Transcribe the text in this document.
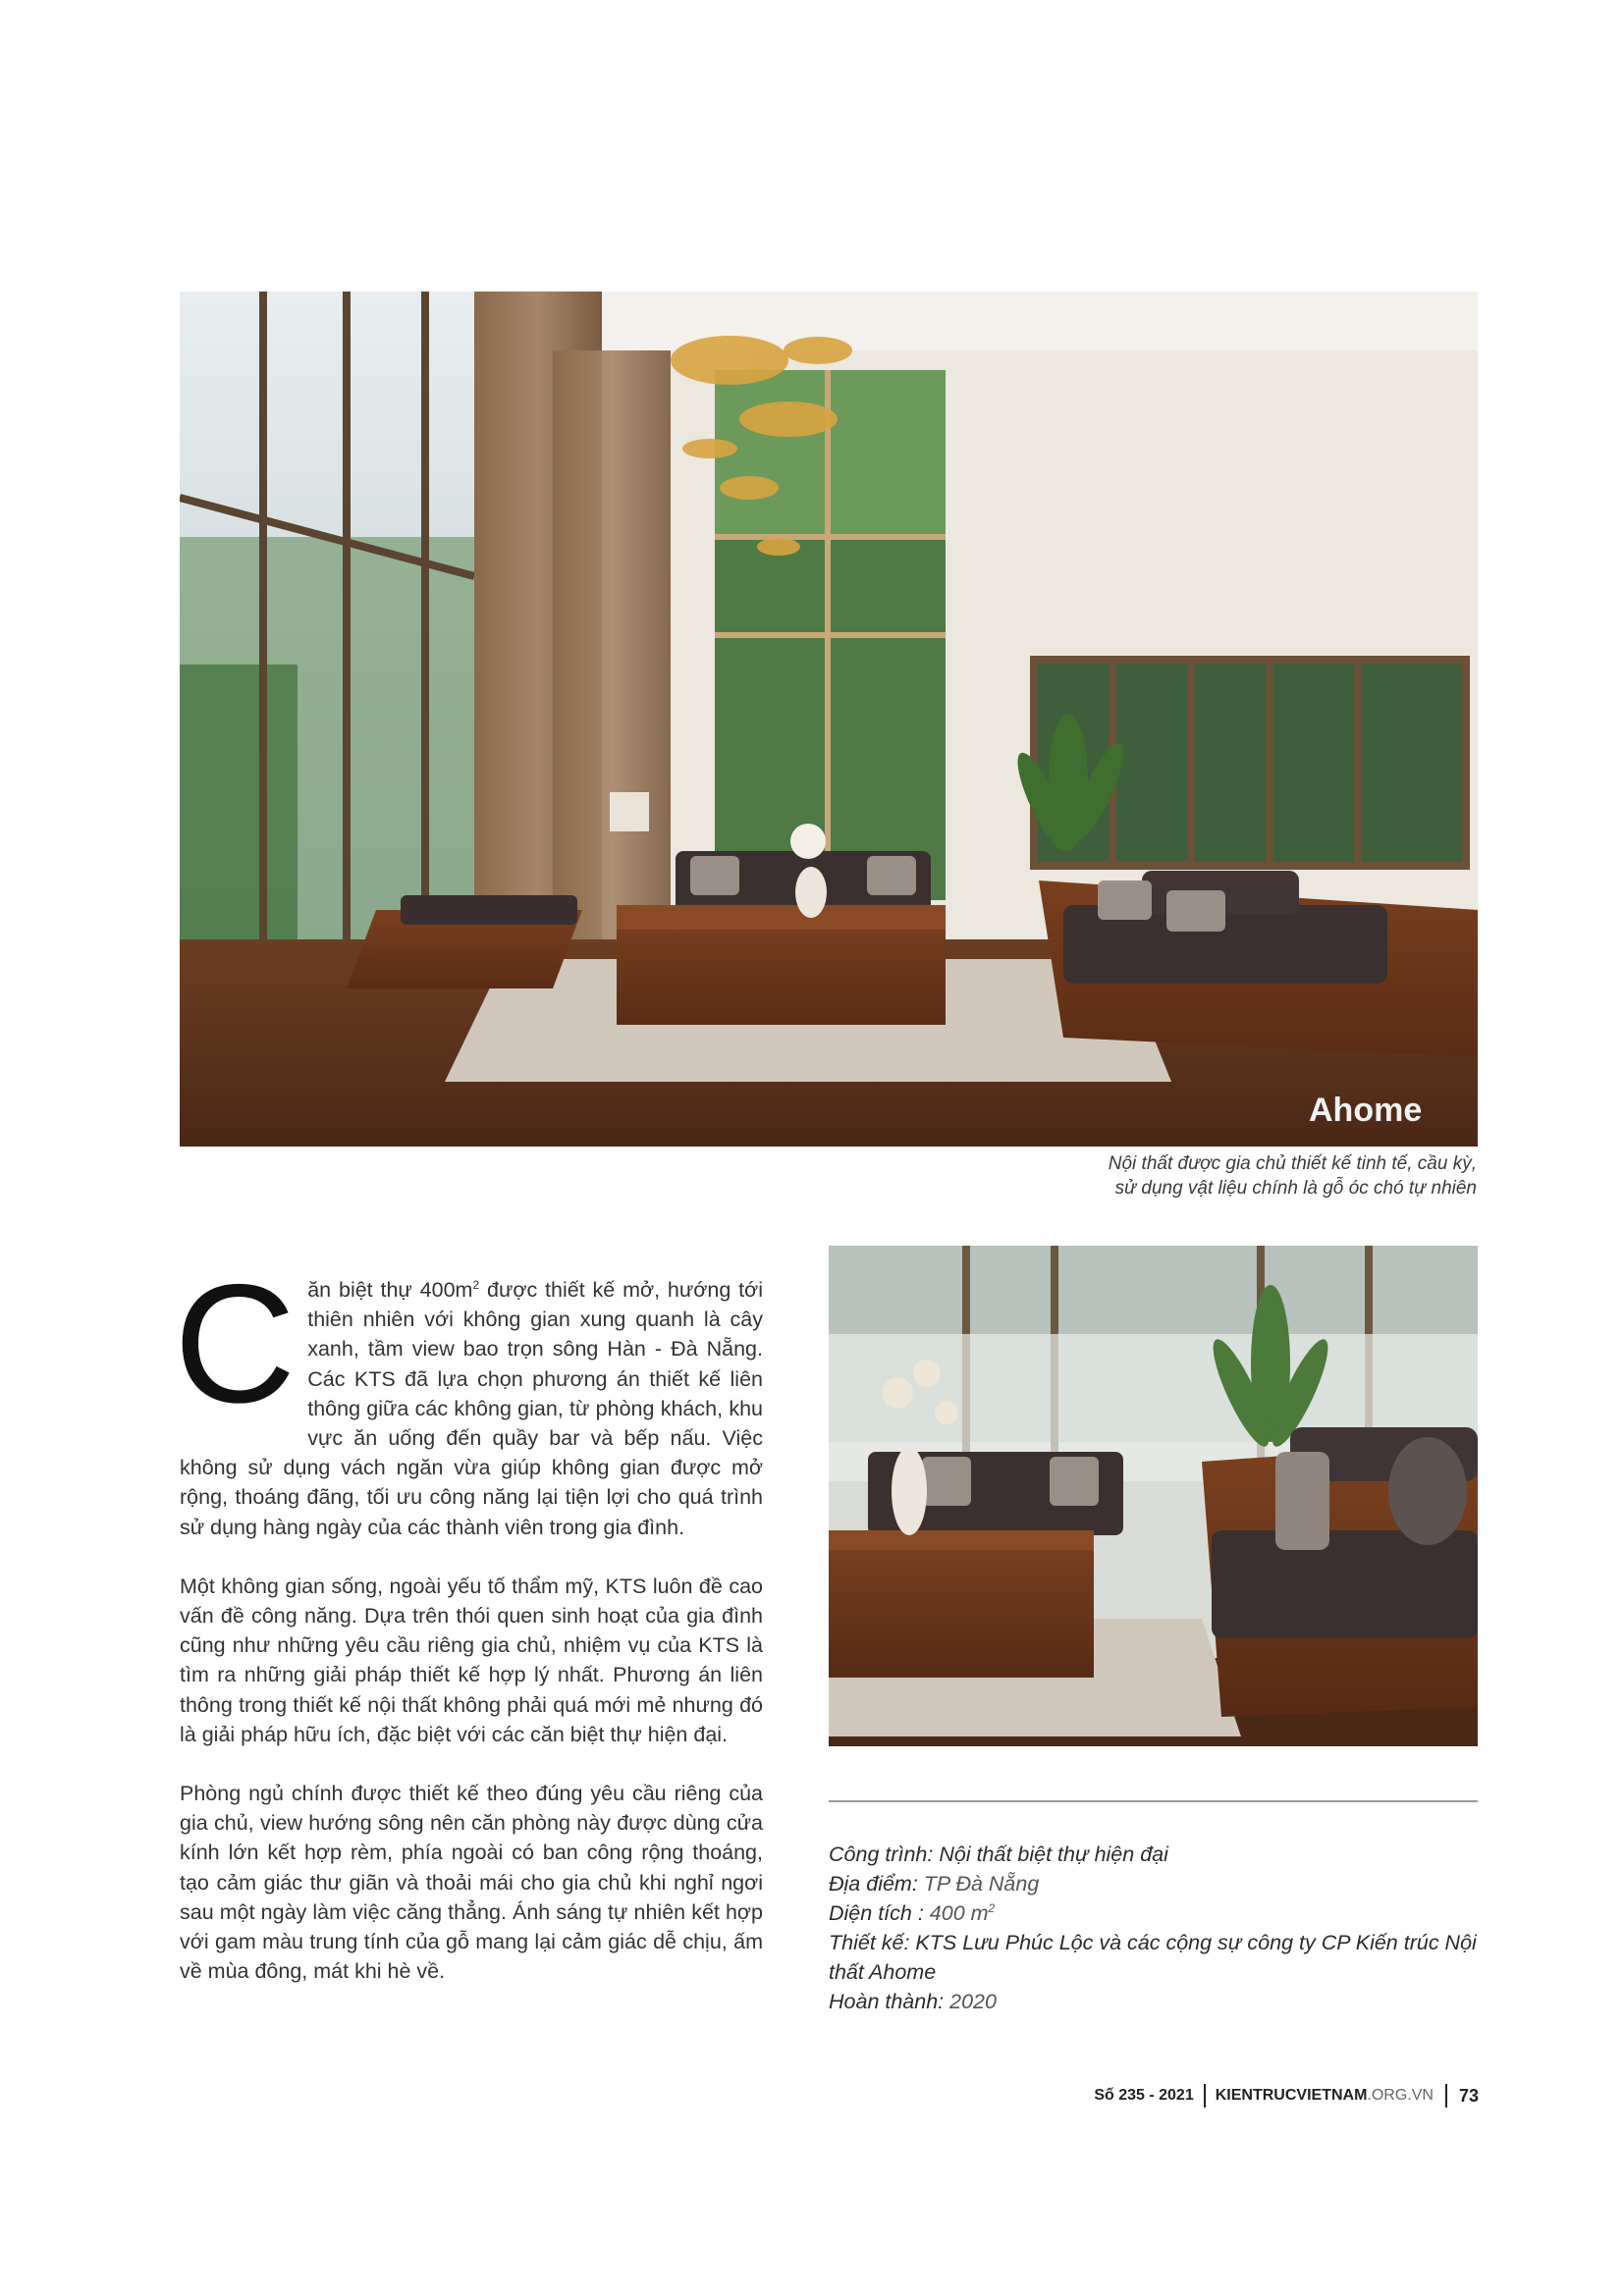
Ahome
Nội thất được gia chủ thiết kế tinh tế, cầu kỳ,
sử dụng vật liệu chính là gỗ óc chó tự nhiên

C ăn biệt thự $400m^2$ được thiết kế mở, hướng tới thiên nhiên với không gian xung quanh là cây xanh, tầm view bao trọn sông Hàn - Đà Nẵng. Các KTS đã lựa chọn phương án thiết kế liên thông giữa các không gian, từ phòng khách, khu vực ăn uống đến quầy bar và bếp nấu. Việc không sử dụng vách ngăn vừa giúp không gian được mở rộng, thoáng đãng, tối ưu công năng lại tiện lợi cho quá trình sử dụng hàng ngày của các thành viên trong gia đình.

Một không gian sống, ngoài yếu tố thẩm mỹ, KTS luôn đề cao vấn đề công năng. Dựa trên thói quen sinh hoạt của gia đình cũng như những yêu cầu riêng gia chủ, nhiệm vụ của KTS là tìm ra những giải pháp thiết kế hợp lý nhất. Phương án liên thông trong thiết kế nội thất không phải quá mới mẻ nhưng đó là giải pháp hữu ích, đặc biệt với các căn biệt thự hiện đại.

Phòng ngủ chính được thiết kế theo đúng yêu cầu riêng của gia chủ, view hướng sông nên căn phòng này được dùng cửa kính lớn kết hợp rèm, phía ngoài có ban công rộng thoáng, tạo cảm giác thư giãn và thoải mái cho gia chủ khi nghỉ ngơi sau một ngày làm việc căng thẳng. Ánh sáng tự nhiên kết hợp với gam màu trung tính của gỗ mang lại cảm giác dễ chịu, ấm về mùa đông, mát khi hè về.

Công trình: Nội thất biệt thự hiện đại

Địa điểm: TP Đà Nẵng

Diện tích : 400 $m^2$

Thiết kế: KTS Lưu Phúc Lộc và các cộng sự công ty CP Kiến trúc Nội thất Ahome

Hoàn thành: 2020

Số 235 - 2021	KIENTRUCVIETNAM.ORG.VN	73
